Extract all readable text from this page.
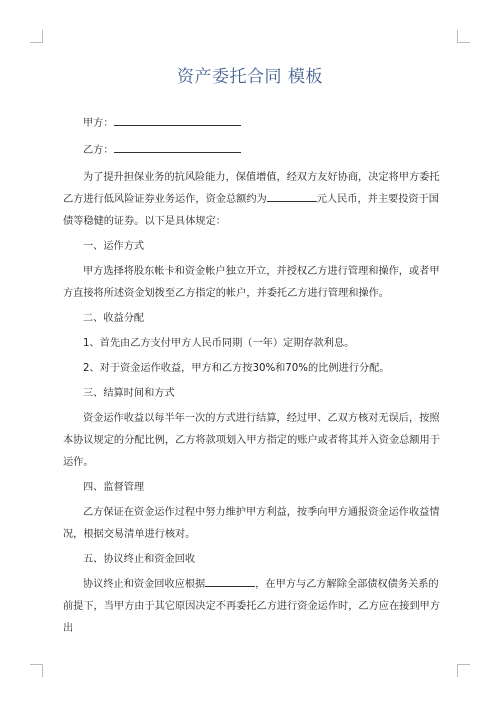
资产委托合同 模板

甲方：

乙方：

为了提升担保业务的抗风险能力，保值增值，经双方友好协商，决定将甲方委托乙方进行低风险证券业务运作，资金总额约为	元人民币，并主要投资于国债等稳健的证券。以下是具体规定：

一、运作方式

甲方选择将股东帐卡和资金帐户独立开立，并授权乙方进行管理和操作，或者甲方直接将所述资金划拨至乙方指定的帐户，并委托乙方进行管理和操作。

二、收益分配

1、首先由乙方支付甲方人民币同期（一年）定期存款利息。

2、对于资金运作收益，甲方和乙方按30%和70%的比例进行分配。

三、结算时间和方式

资金运作收益以每半年一次的方式进行结算，经过甲、乙双方核对无误后，按照本协议规定的分配比例，乙方将款项划入甲方指定的账户或者将其并入资金总额用于运作。

四、监督管理

乙方保证在资金运作过程中努力维护甲方利益，按季向甲方通报资金运作收益情况，根据交易清单进行核对。

五、协议终止和资金回收

协议终止和资金回收应根据	，在甲方与乙方解除全部债权债务关系的前提下，当甲方由于其它原因决定不再委托乙方进行资金运作时，乙方应在接到甲方出
